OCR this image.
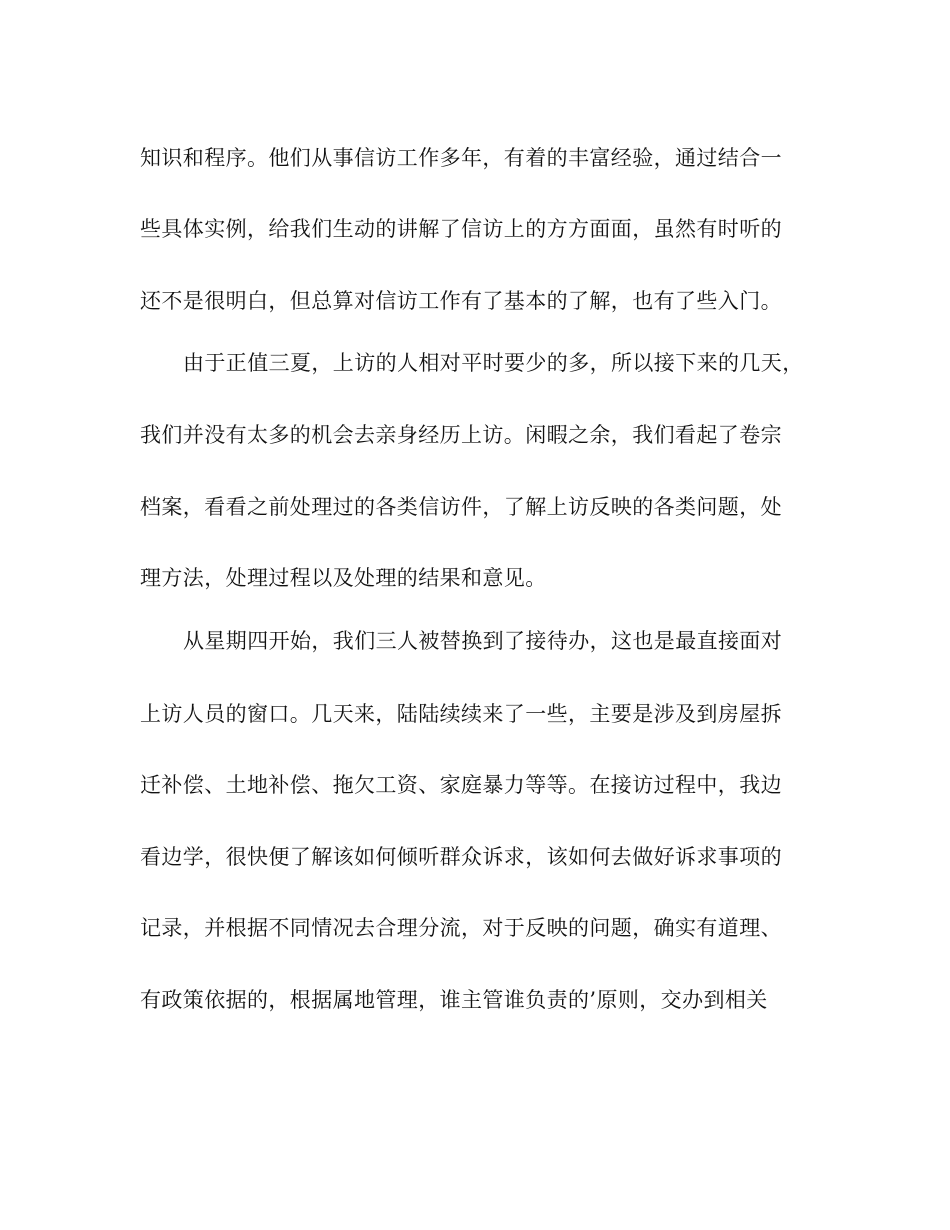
知识和程序。他们从事信访工作多年，有着的丰富经验，通过结合一
些具体实例，给我们生动的讲解了信访上的方方面面，虽然有时听的
还不是很明白，但总算对信访工作有了基本的了解，也有了些入门。
由于正值三夏，上访的人相对平时要少的多，所以接下来的几天，
我们并没有太多的机会去亲身经历上访。闲暇之余，我们看起了卷宗
档案，看看之前处理过的各类信访件，了解上访反映的各类问题，处
理方法，处理过程以及处理的结果和意见。
从星期四开始，我们三人被替换到了接待办，这也是最直接面对
上访人员的窗口。几天来，陆陆续续来了一些，主要是涉及到房屋拆
迁补偿、土地补偿、拖欠工资、家庭暴力等等。在接访过程中，我边
看边学，很快便了解该如何倾听群众诉求，该如何去做好诉求事项的
记录，并根据不同情况去合理分流，对于反映的问题，确实有道理、
有政策依据的，根据属地管理，谁主管谁负责的’原则，交办到相关
